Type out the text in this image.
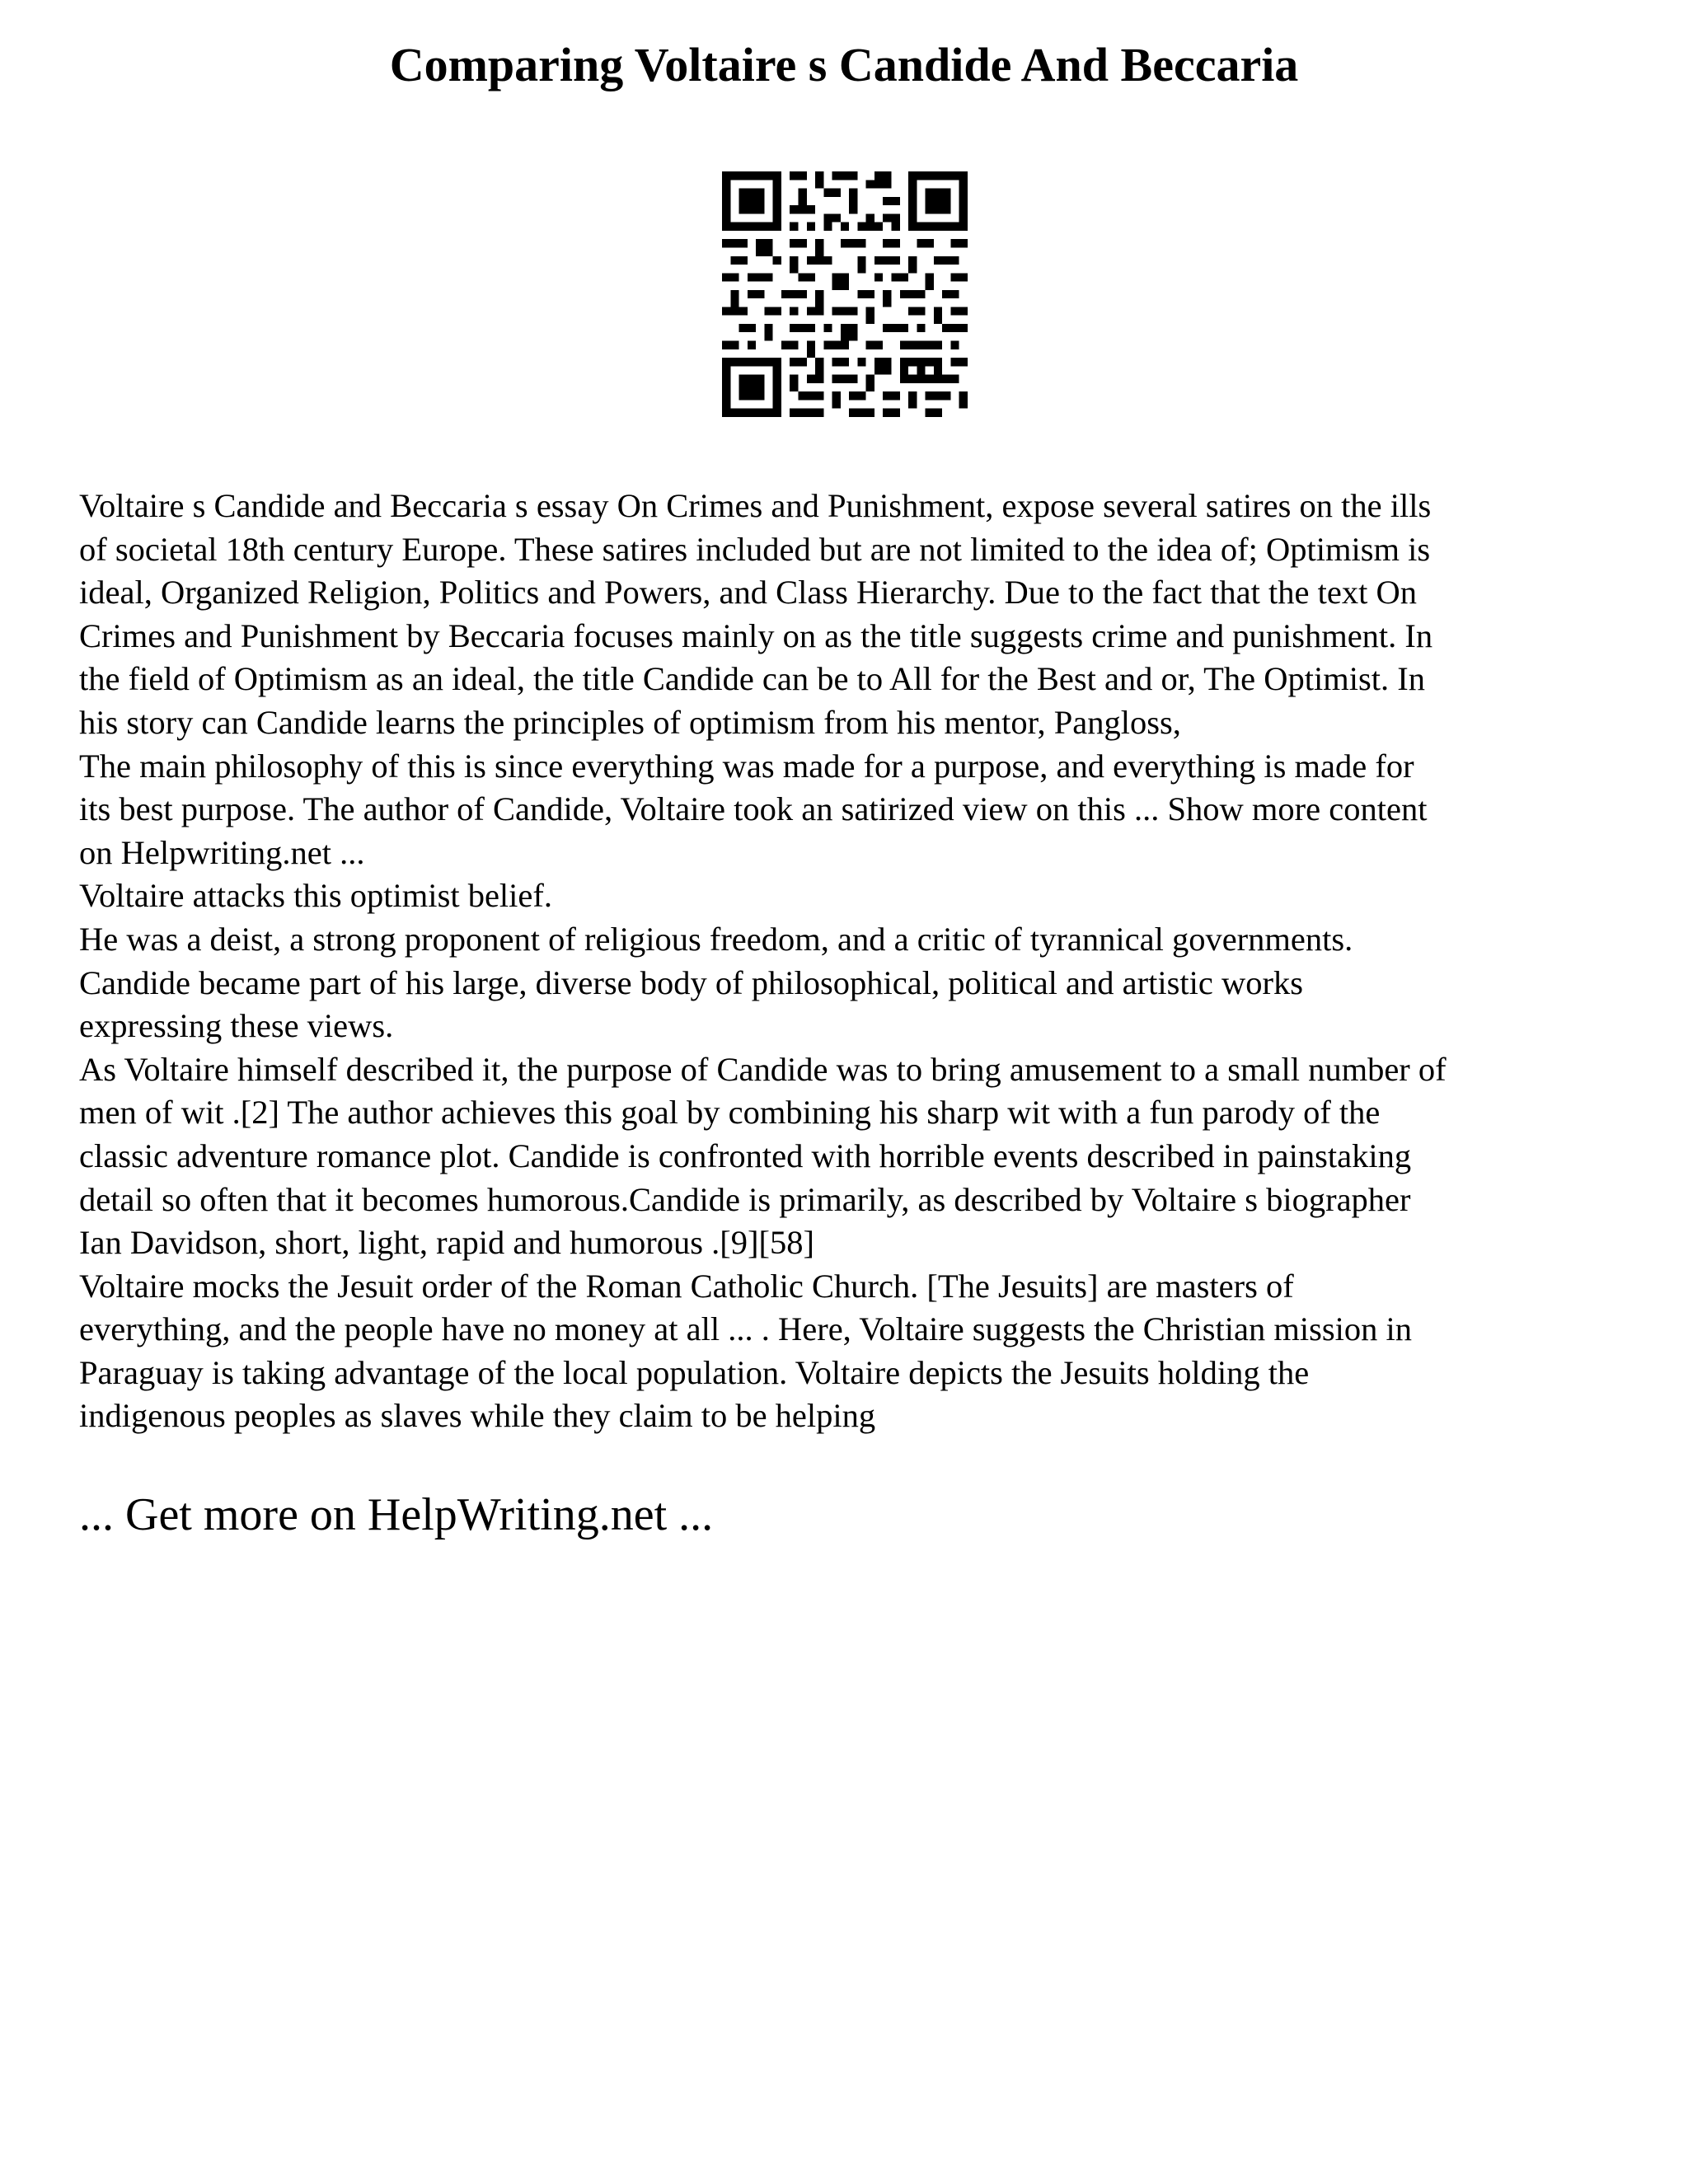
Comparing Voltaire s Candide And Beccaria
Voltaire s Candide and Beccaria s essay On Crimes and Punishment, expose several satires on the ills
of societal 18th century Europe. These satires included but are not limited to the idea of; Optimism is
ideal, Organized Religion, Politics and Powers, and Class Hierarchy. Due to the fact that the text On
Crimes and Punishment by Beccaria focuses mainly on as the title suggests crime and punishment. In
the field of Optimism as an ideal, the title Candide can be to All for the Best and or, The Optimist. In
his story can Candide learns the principles of optimism from his mentor, Pangloss,
The main philosophy of this is since everything was made for a purpose, and everything is made for
its best purpose. The author of Candide, Voltaire took an satirized view on this ... Show more content
on Helpwriting.net ...
Voltaire attacks this optimist belief.
He was a deist, a strong proponent of religious freedom, and a critic of tyrannical governments.
Candide became part of his large, diverse body of philosophical, political and artistic works
expressing these views.
As Voltaire himself described it, the purpose of Candide was to bring amusement to a small number of
men of wit .[2] The author achieves this goal by combining his sharp wit with a fun parody of the
classic adventure romance plot. Candide is confronted with horrible events described in painstaking
detail so often that it becomes humorous.Candide is primarily, as described by Voltaire s biographer
Ian Davidson, short, light, rapid and humorous .[9][58]
Voltaire mocks the Jesuit order of the Roman Catholic Church. [The Jesuits] are masters of
everything, and the people have no money at all ... . Here, Voltaire suggests the Christian mission in
Paraguay is taking advantage of the local population. Voltaire depicts the Jesuits holding the
indigenous peoples as slaves while they claim to be helping
... Get more on HelpWriting.net ...
